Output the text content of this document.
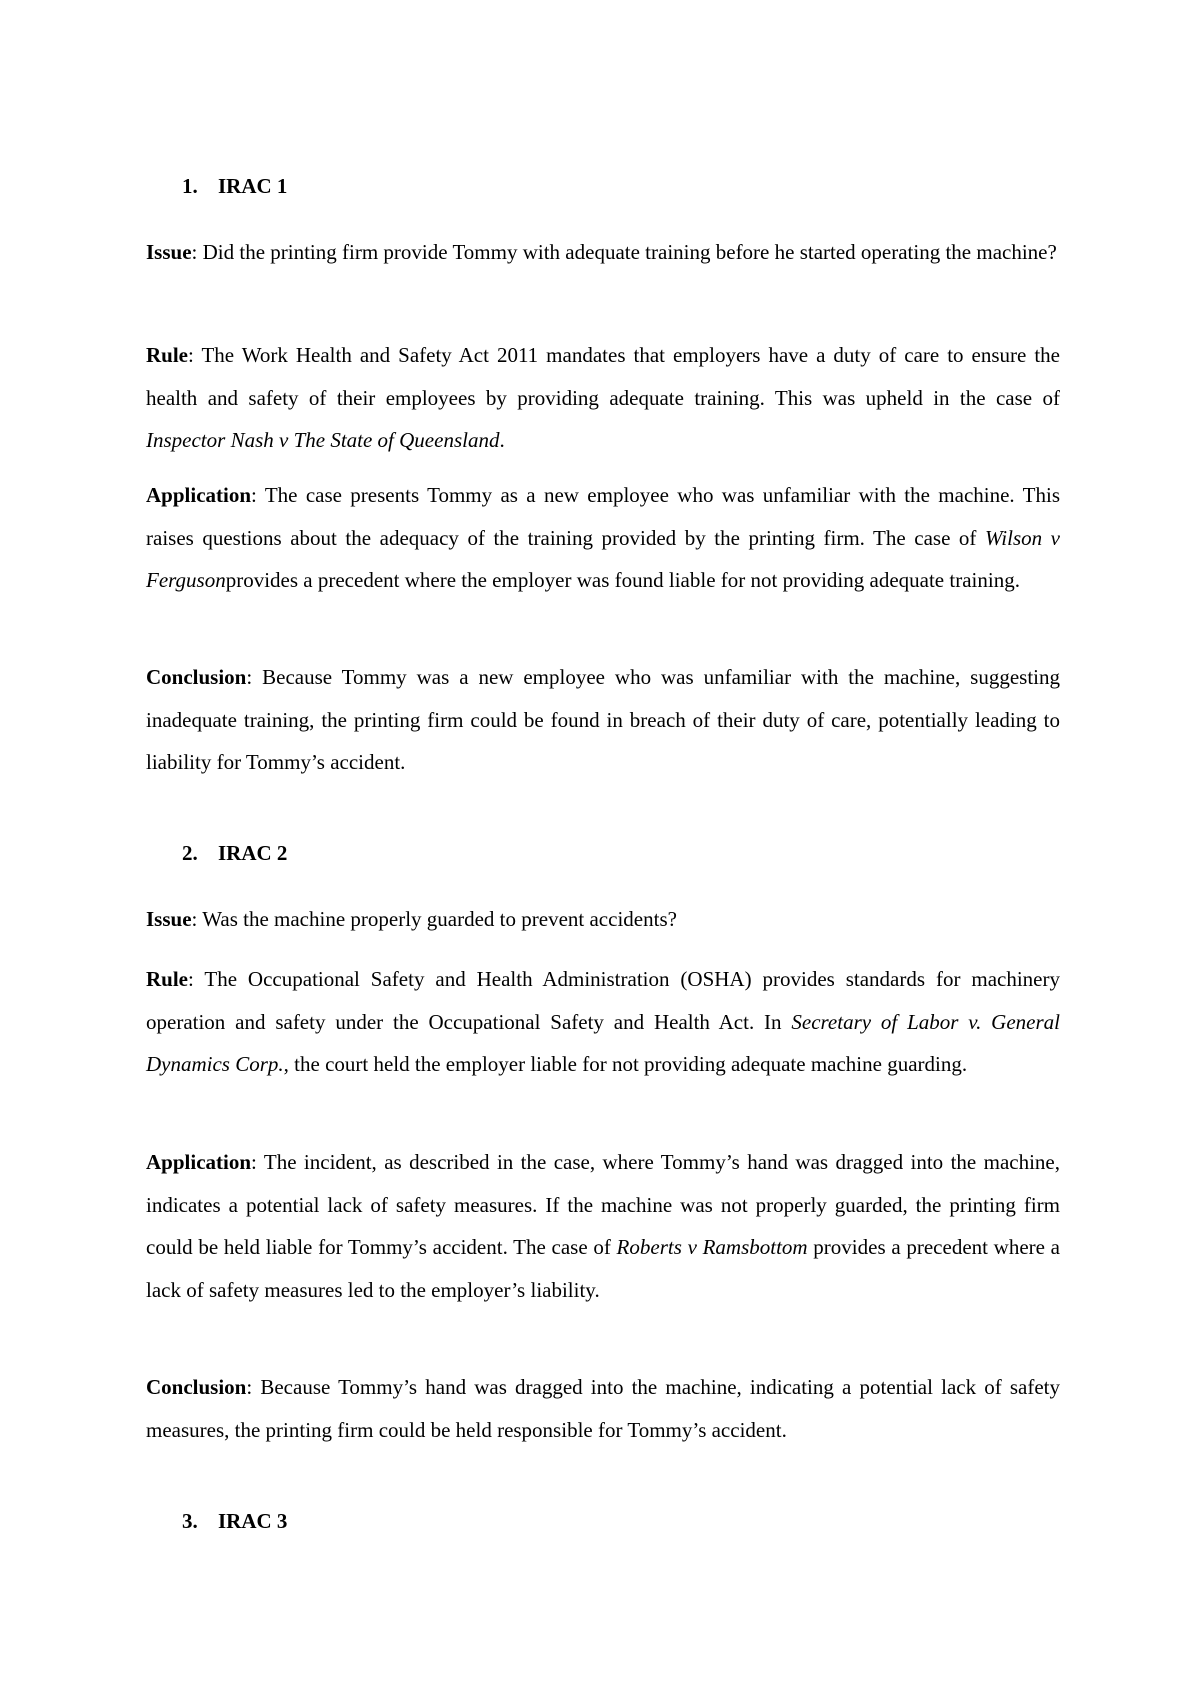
1. IRAC 1

Issue: Did the printing firm provide Tommy with adequate training before he started operating the machine?

Rule: The Work Health and Safety Act 2011 mandates that employers have a duty of care to ensure the health and safety of their employees by providing adequate training. This was upheld in the case of Inspector Nash v The State of Queensland.

Application: The case presents Tommy as a new employee who was unfamiliar with the machine. This raises questions about the adequacy of the training provided by the printing firm. The case of Wilson v Fergusonprovides a precedent where the employer was found liable for not providing adequate training.

Conclusion: Because Tommy was a new employee who was unfamiliar with the machine, suggesting inadequate training, the printing firm could be found in breach of their duty of care, potentially leading to liability for Tommy’s accident.

2. IRAC 2

Issue: Was the machine properly guarded to prevent accidents?

Rule: The Occupational Safety and Health Administration (OSHA) provides standards for machinery operation and safety under the Occupational Safety and Health Act. In Secretary of Labor v. General Dynamics Corp., the court held the employer liable for not providing adequate machine guarding.

Application: The incident, as described in the case, where Tommy’s hand was dragged into the machine, indicates a potential lack of safety measures. If the machine was not properly guarded, the printing firm could be held liable for Tommy’s accident. The case of Roberts v Ramsbottom provides a precedent where a lack of safety measures led to the employer’s liability.

Conclusion: Because Tommy’s hand was dragged into the machine, indicating a potential lack of safety measures, the printing firm could be held responsible for Tommy’s accident.

3. IRAC 3
